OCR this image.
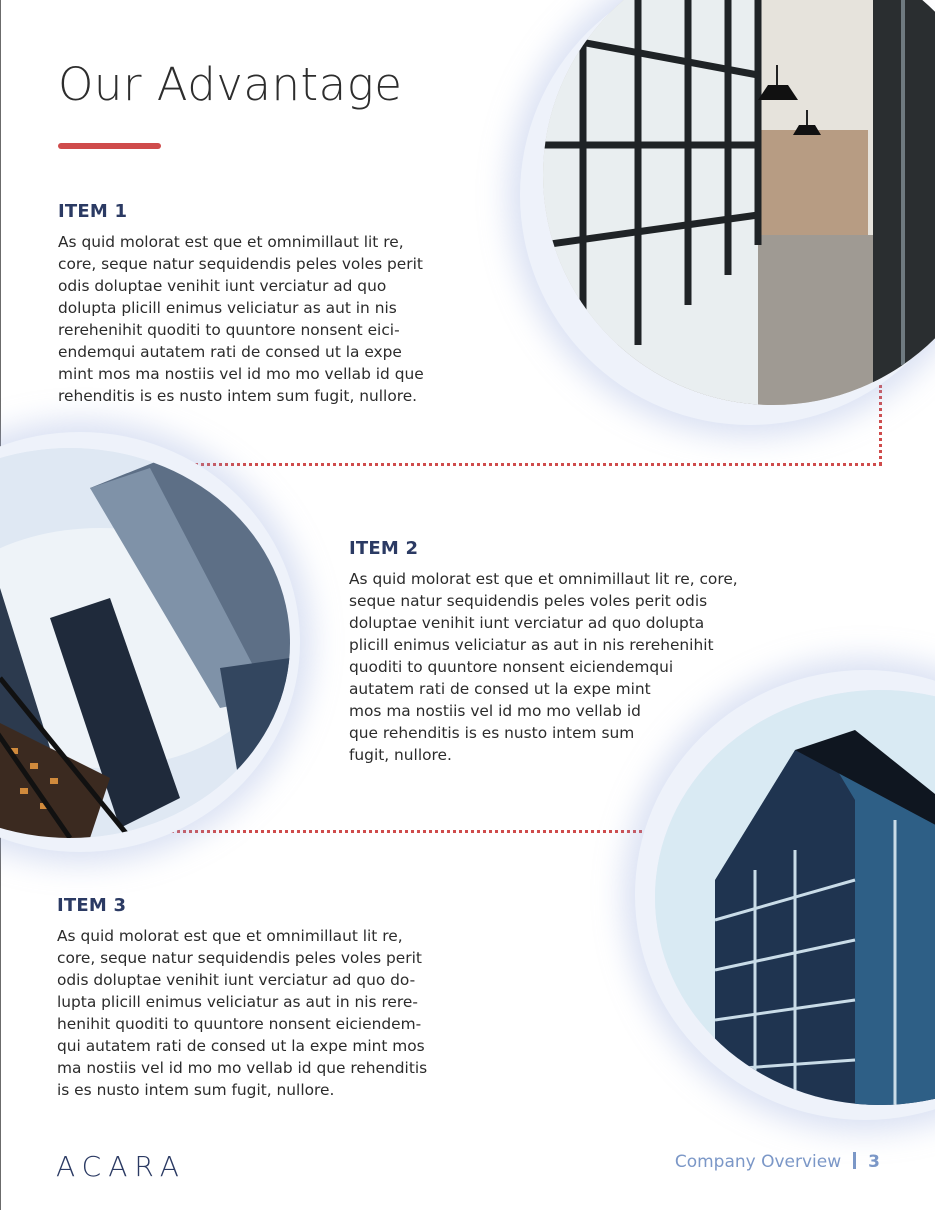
Our Advantage
ITEM 1
As quid molorat est que et omnimillaut lit re,
core, seque natur sequidendis peles voles perit
odis doluptae venihit iunt verciatur ad quo
dolupta plicill enimus veliciatur as aut in nis
rerehenihit quoditi to quuntore nonsent eici-
endemqui autatem rati de consed ut la expe
mint mos ma nostiis vel id mo mo vellab id que
rehenditis is es nusto intem sum fugit, nullore.
ITEM 2
As quid molorat est que et omnimillaut lit re, core,
seque natur sequidendis peles voles perit odis
doluptae venihit iunt verciatur ad quo dolupta
plicill enimus veliciatur as aut in nis rerehenihit
quoditi to quuntore nonsent eiciendemqui
autatem rati de consed ut la expe mint
mos ma nostiis vel id mo mo vellab id
que rehenditis is es nusto intem sum
fugit, nullore.
ITEM 3
As quid molorat est que et omnimillaut lit re,
core, seque natur sequidendis peles voles perit
odis doluptae venihit iunt verciatur ad quo do-
lupta plicill enimus veliciatur as aut in nis rere-
henihit quoditi to quuntore nonsent eiciendem-
qui autatem rati de consed ut la expe mint mos
ma nostiis vel id mo mo vellab id que rehenditis
is es nusto intem sum fugit, nullore.
ACARA	Company Overview 3
